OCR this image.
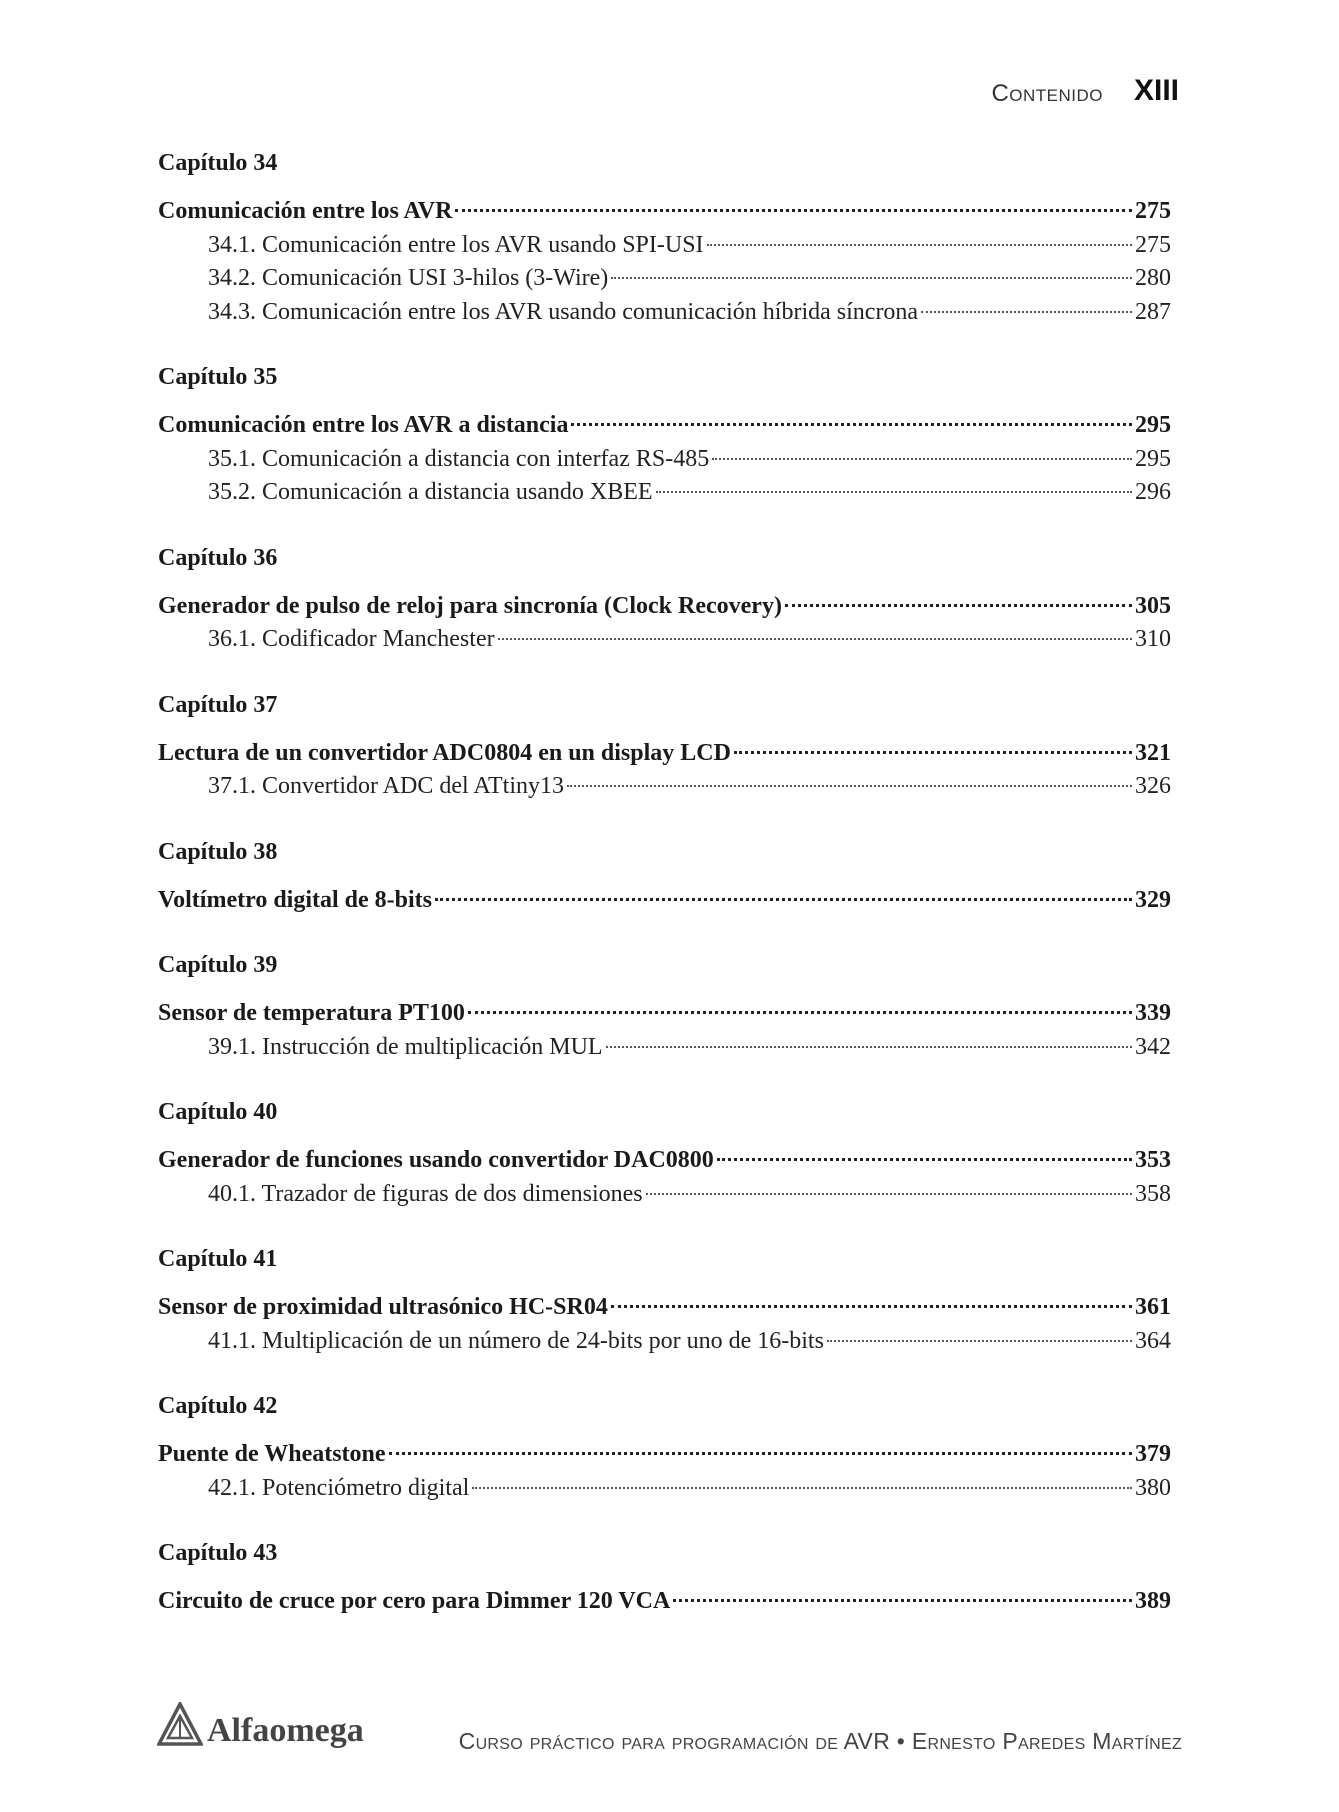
Contenido XIII
Capítulo 34
Comunicación entre los AVR	275
34.1. Comunicación entre los AVR usando SPI-USI	275
34.2. Comunicación USI 3-hilos (3-Wire)	280
34.3. Comunicación entre los AVR usando comunicación híbrida síncrona	287
Capítulo 35
Comunicación entre los AVR a distancia	295
35.1. Comunicación a distancia con interfaz RS-485	295
35.2. Comunicación a distancia usando XBEE	296
Capítulo 36
Generador de pulso de reloj para sincronía (Clock Recovery)	305
36.1. Codificador Manchester	310
Capítulo 37
Lectura de un convertidor ADC0804 en un display LCD	321
37.1. Convertidor ADC del ATtiny13	326
Capítulo 38
Voltímetro digital de 8-bits	329
Capítulo 39
Sensor de temperatura PT100	339
39.1. Instrucción de multiplicación MUL	342
Capítulo 40
Generador de funciones usando convertidor DAC0800	353
40.1. Trazador de figuras de dos dimensiones	358
Capítulo 41
Sensor de proximidad ultrasónico HC-SR04	361
41.1. Multiplicación de un número de 24-bits por uno de 16-bits	364
Capítulo 42
Puente de Wheatstone	379
42.1. Potenciómetro digital	380
Capítulo 43
Circuito de cruce por cero para Dimmer 120 VCA	389
Alfaomega	Curso práctico para programación de AVR • Ernesto Paredes Martínez
